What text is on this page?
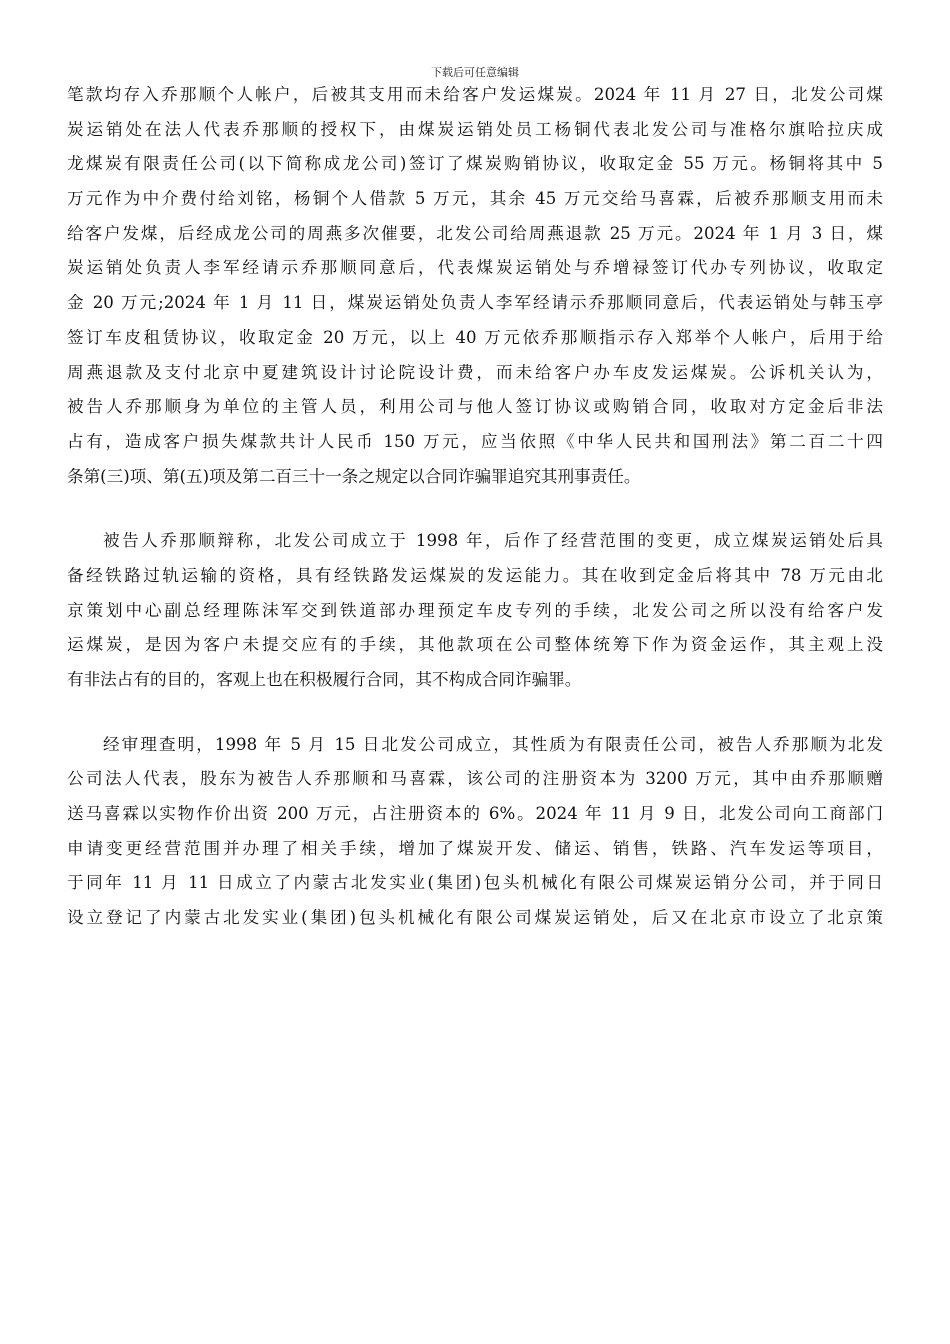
下载后可任意编辑
笔款均存入乔那顺个人帐户，后被其支用而未给客户发运煤炭。2024 年 11 月 27 日，北发公司煤
炭运销处在法人代表乔那顺的授权下，由煤炭运销处员工杨铜代表北发公司与准格尔旗哈拉庆成
龙煤炭有限责任公司(以下简称成龙公司)签订了煤炭购销协议，收取定金 55 万元。杨铜将其中 5
万元作为中介费付给刘铭，杨铜个人借款 5 万元，其余 45 万元交给马喜霖，后被乔那顺支用而未
给客户发煤，后经成龙公司的周燕多次催要，北发公司给周燕退款 25 万元。2024 年 1 月 3 日，煤
炭运销处负责人李军经请示乔那顺同意后，代表煤炭运销处与乔增禄签订代办专列协议，收取定
金 20 万元;2024 年 1 月 11 日，煤炭运销处负责人李军经请示乔那顺同意后，代表运销处与韩玉亭
签订车皮租赁协议，收取定金 20 万元，以上 40 万元依乔那顺指示存入郑举个人帐户，后用于给
周燕退款及支付北京中夏建筑设计讨论院设计费，而未给客户办车皮发运煤炭。公诉机关认为，
被告人乔那顺身为单位的主管人员，利用公司与他人签订协议或购销合同，收取对方定金后非法
占有，造成客户损失煤款共计人民币 150 万元，应当依照《中华人民共和国刑法》第二百二十四
条第(三)项、第(五)项及第二百三十一条之规定以合同诈骗罪追究其刑事责任。
被告人乔那顺辩称，北发公司成立于 1998 年，后作了经营范围的变更，成立煤炭运销处后具
备经铁路过轨运输的资格，具有经铁路发运煤炭的发运能力。其在收到定金后将其中 78 万元由北
京策划中心副总经理陈沫军交到铁道部办理预定车皮专列的手续，北发公司之所以没有给客户发
运煤炭，是因为客户未提交应有的手续，其他款项在公司整体统筹下作为资金运作，其主观上没
有非法占有的目的，客观上也在积极履行合同，其不构成合同诈骗罪。
经审理查明，1998 年 5 月 15 日北发公司成立，其性质为有限责任公司，被告人乔那顺为北发
公司法人代表，股东为被告人乔那顺和马喜霖，该公司的注册资本为 3200 万元，其中由乔那顺赠
送马喜霖以实物作价出资 200 万元，占注册资本的 6%。2024 年 11 月 9 日，北发公司向工商部门
申请变更经营范围并办理了相关手续，增加了煤炭开发、储运、销售，铁路、汽车发运等项目，
于同年 11 月 11 日成立了内蒙古北发实业(集团)包头机械化有限公司煤炭运销分公司，并于同日
设立登记了内蒙古北发实业(集团)包头机械化有限公司煤炭运销处，后又在北京市设立了北京策
